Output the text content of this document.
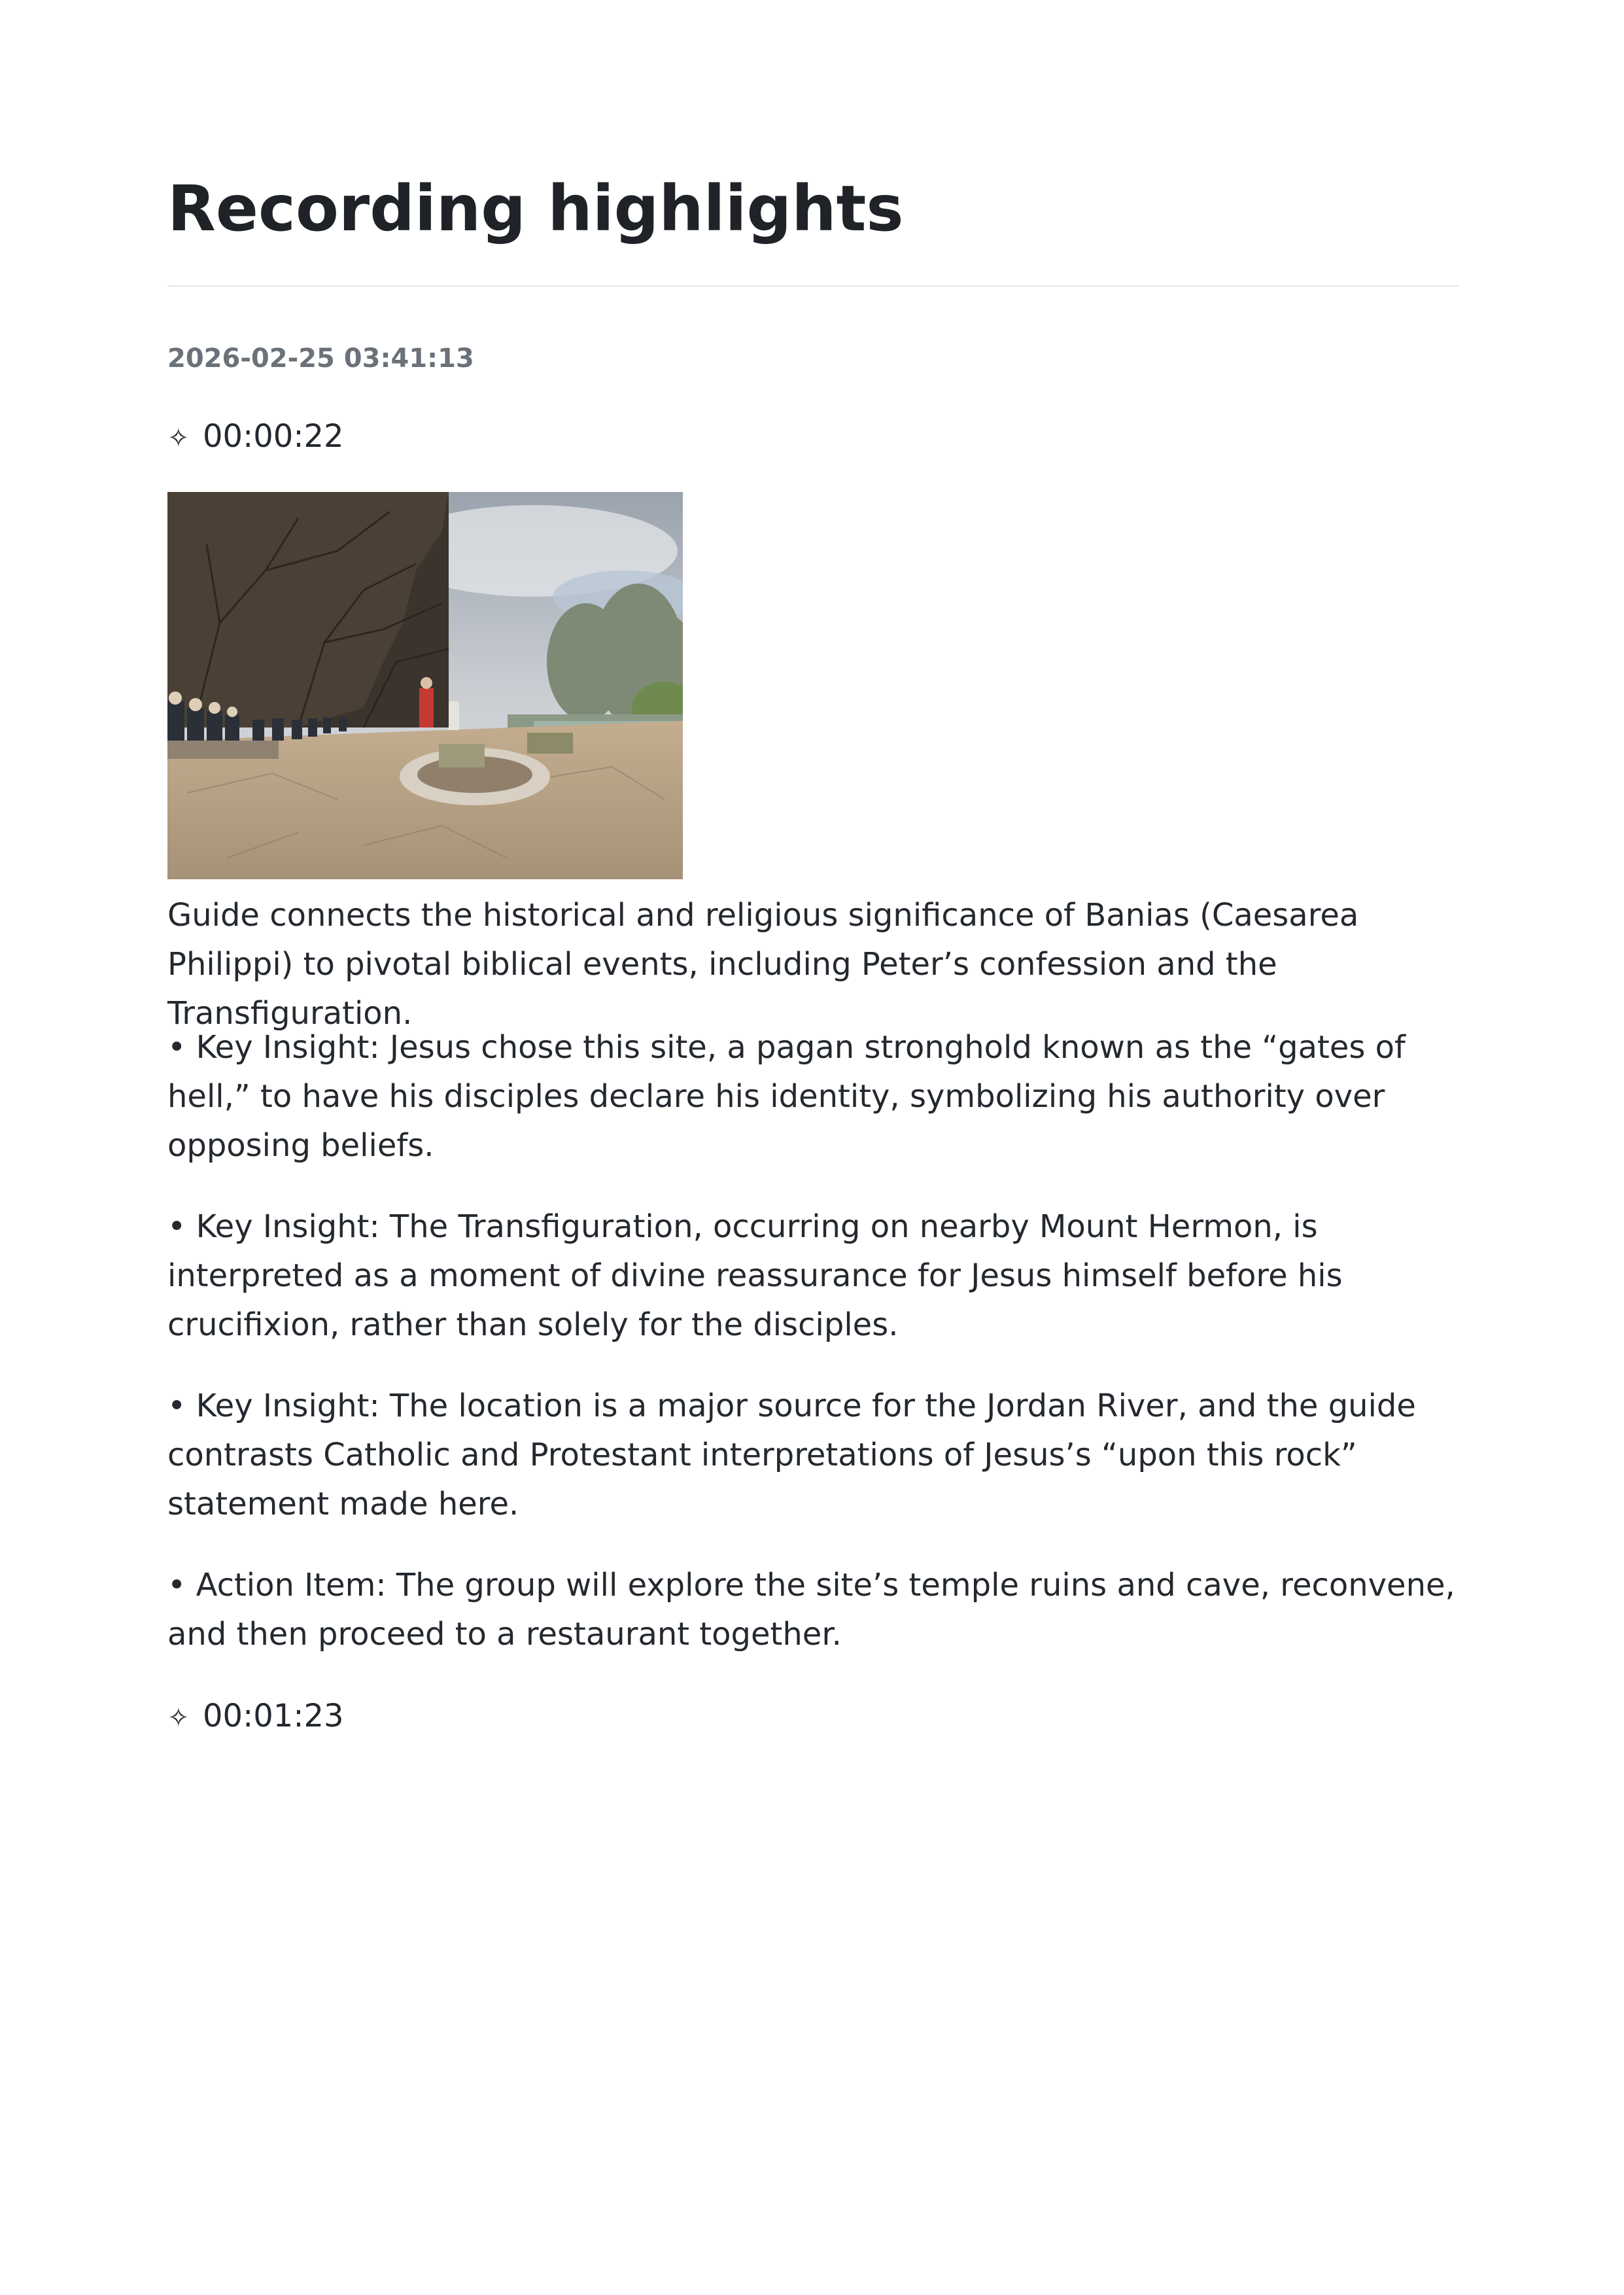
Recording highlights
2026-02-25 03:41:13
✧ 00:00:22

Guide connects the historical and religious significance of Banias (Caesarea Philippi) to pivotal biblical events, including Peter’s confession and the Transfiguration.

• Key Insight: Jesus chose this site, a pagan stronghold known as the “gates of hell,” to have his disciples declare his identity, symbolizing his authority over opposing beliefs.

• Key Insight: The Transfiguration, occurring on nearby Mount Hermon, is interpreted as a moment of divine reassurance for Jesus himself before his crucifixion, rather than solely for the disciples.

• Key Insight: The location is a major source for the Jordan River, and the guide contrasts Catholic and Protestant interpretations of Jesus’s “upon this rock” statement made here.

• Action Item: The group will explore the site’s temple ruins and cave, reconvene, and then proceed to a restaurant together.

✧ 00:01:23
